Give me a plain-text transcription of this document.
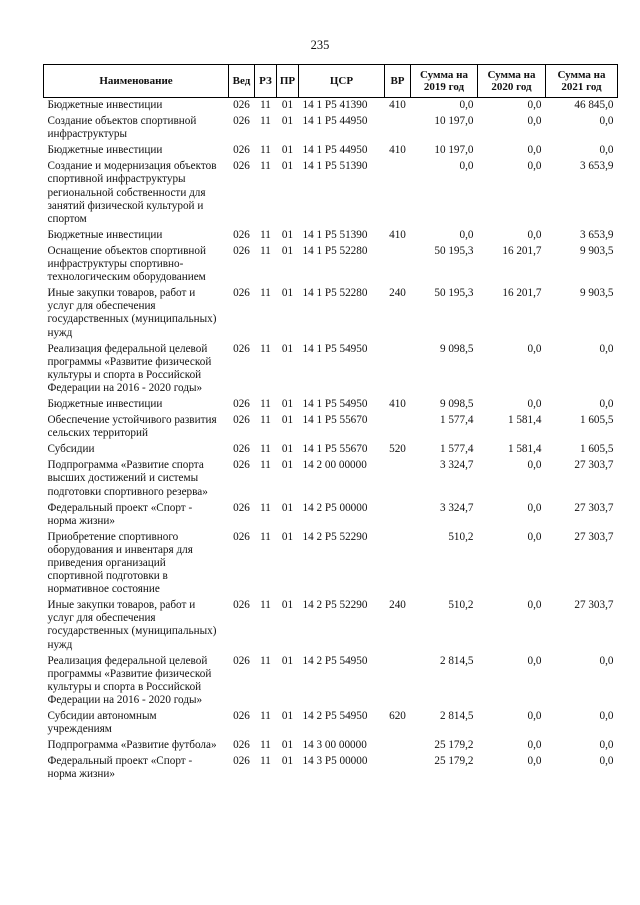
235
Наименование	Вед	РЗ	ПР	ЦСР	ВР	Сумма на 2019 год	Сумма на 2020 год	Сумма на 2021 год
Бюджетные инвестиции	026	11	01	14 1 P5 41390	410	0,0	0,0	46 845,0
Создание объектов спортивной инфраструктуры	026	11	01	14 1 P5 44950		10 197,0	0,0	0,0
Бюджетные инвестиции	026	11	01	14 1 P5 44950	410	10 197,0	0,0	0,0
Создание и модернизация объектов спортивной инфраструктуры региональной собственности для занятий физической культурой и спортом	026	11	01	14 1 P5 51390		0,0	0,0	3 653,9
Бюджетные инвестиции	026	11	01	14 1 P5 51390	410	0,0	0,0	3 653,9
Оснащение объектов спортивной инфраструктуры спортивно-технологическим оборудованием	026	11	01	14 1 P5 52280		50 195,3	16 201,7	9 903,5
Иные закупки товаров, работ и услуг для обеспечения государственных (муниципальных) нужд	026	11	01	14 1 P5 52280	240	50 195,3	16 201,7	9 903,5
Реализация федеральной целевой программы «Развитие физической культуры и спорта в Российской Федерации на 2016 - 2020 годы»	026	11	01	14 1 P5 54950		9 098,5	0,0	0,0
Бюджетные инвестиции	026	11	01	14 1 P5 54950	410	9 098,5	0,0	0,0
Обеспечение устойчивого развития сельских территорий	026	11	01	14 1 P5 55670		1 577,4	1 581,4	1 605,5
Субсидии	026	11	01	14 1 P5 55670	520	1 577,4	1 581,4	1 605,5
Подпрограмма «Развитие спорта высших достижений и системы подготовки спортивного резерва»	026	11	01	14 2 00 00000		3 324,7	0,0	27 303,7
Федеральный проект «Спорт - норма жизни»	026	11	01	14 2 P5 00000		3 324,7	0,0	27 303,7
Приобретение спортивного оборудования и инвентаря для приведения организаций спортивной подготовки в нормативное состояние	026	11	01	14 2 P5 52290		510,2	0,0	27 303,7
Иные закупки товаров, работ и услуг для обеспечения государственных (муниципальных) нужд	026	11	01	14 2 P5 52290	240	510,2	0,0	27 303,7
Реализация федеральной целевой программы «Развитие физической культуры и спорта в Российской Федерации на 2016 - 2020 годы»	026	11	01	14 2 P5 54950		2 814,5	0,0	0,0
Субсидии автономным учреждениям	026	11	01	14 2 P5 54950	620	2 814,5	0,0	0,0
Подпрограмма «Развитие футбола»	026	11	01	14 3 00 00000		25 179,2	0,0	0,0
Федеральный проект «Спорт - норма жизни»	026	11	01	14 3 P5 00000		25 179,2	0,0	0,0
